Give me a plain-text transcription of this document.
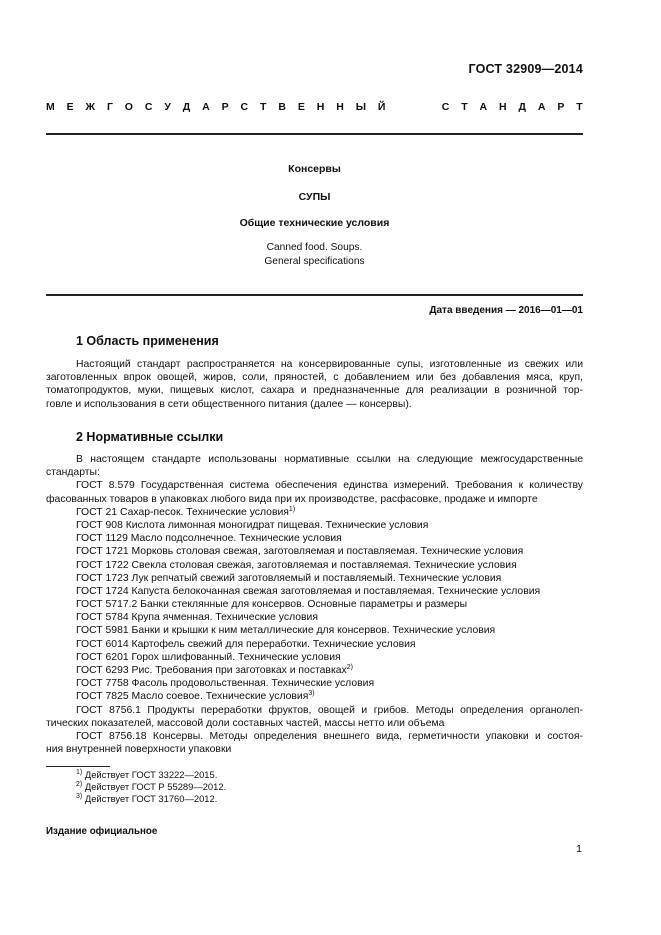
ГОСТ 32909—2014
М Е Ж Г О С У Д А Р С Т В Е Н Н Ы Й

	С Т А Н Д А Р Т
Консервы
СУПЫ
Общие технические условия
Canned food. Soups.
General specifications
Дата введения — 2016—01—01
1 Область применения
Настоящий стандарт распространяется на консервированные супы, изготовленные из свежих или
заготовленных впрок овощей, жиров, соли, пряностей, с добавлением или без добавления мяса, круп,
томатопродуктов, муки, пищевых кислот, сахара и предназначенные для реализации в розничной тор-
говле и использования в сети общественного питания (далее — консервы).
2 Нормативные ссылки
В настоящем стандарте использованы нормативные ссылки на следующие межгосударственные
стандарты:
ГОСТ 8.579 Государственная система обеспечения единства измерений. Требования к количеству
фасованных товаров в упаковках любого вида при их производстве, расфасовке, продаже и импорте
ГОСТ 21 Сахар-песок. Технические условия$^{1)}$
ГОСТ 908 Кислота лимонная моногидрат пищевая. Технические условия
ГОСТ 1129 Масло подсолнечное. Технические условия
ГОСТ 1721 Морковь столовая свежая, заготовляемая и поставляемая. Технические условия
ГОСТ 1722 Свекла столовая свежая, заготовляемая и поставляемая. Технические условия
ГОСТ 1723 Лук репчатый свежий заготовляемый и поставляемый. Технические условия
ГОСТ 1724 Капуста белокочанная свежая заготовляемая и поставляемая. Технические условия
ГОСТ 5717.2 Банки стеклянные для консервов. Основные параметры и размеры
ГОСТ 5784 Крупа ячменная. Технические условия
ГОСТ 5981 Банки и крышки к ним металлические для консервов. Технические условия
ГОСТ 6014 Картофель свежий для переработки. Технические условия
ГОСТ 6201 Горох шлифованный. Технические условия
ГОСТ 6293 Рис. Требования при заготовках и поставках$^{2)}$
ГОСТ 7758 Фасоль продовольственная. Технические условия
ГОСТ 7825 Масло соевое. Технические условия$^{3)}$
ГОСТ 8756.1 Продукты переработки фруктов, овощей и грибов. Методы определения органолеп-
тических показателей, массовой доли составных частей, массы нетто или объема
ГОСТ 8756.18 Консервы. Методы определения внешнего вида, герметичности упаковки и состоя-
ния внутренней поверхности упаковки
$^{1)}$ Действует ГОСТ 33222—2015.
$^{2)}$ Действует ГОСТ Р 55289—2012.
$^{3)}$ Действует ГОСТ 31760—2012.
Издание официальное
1
